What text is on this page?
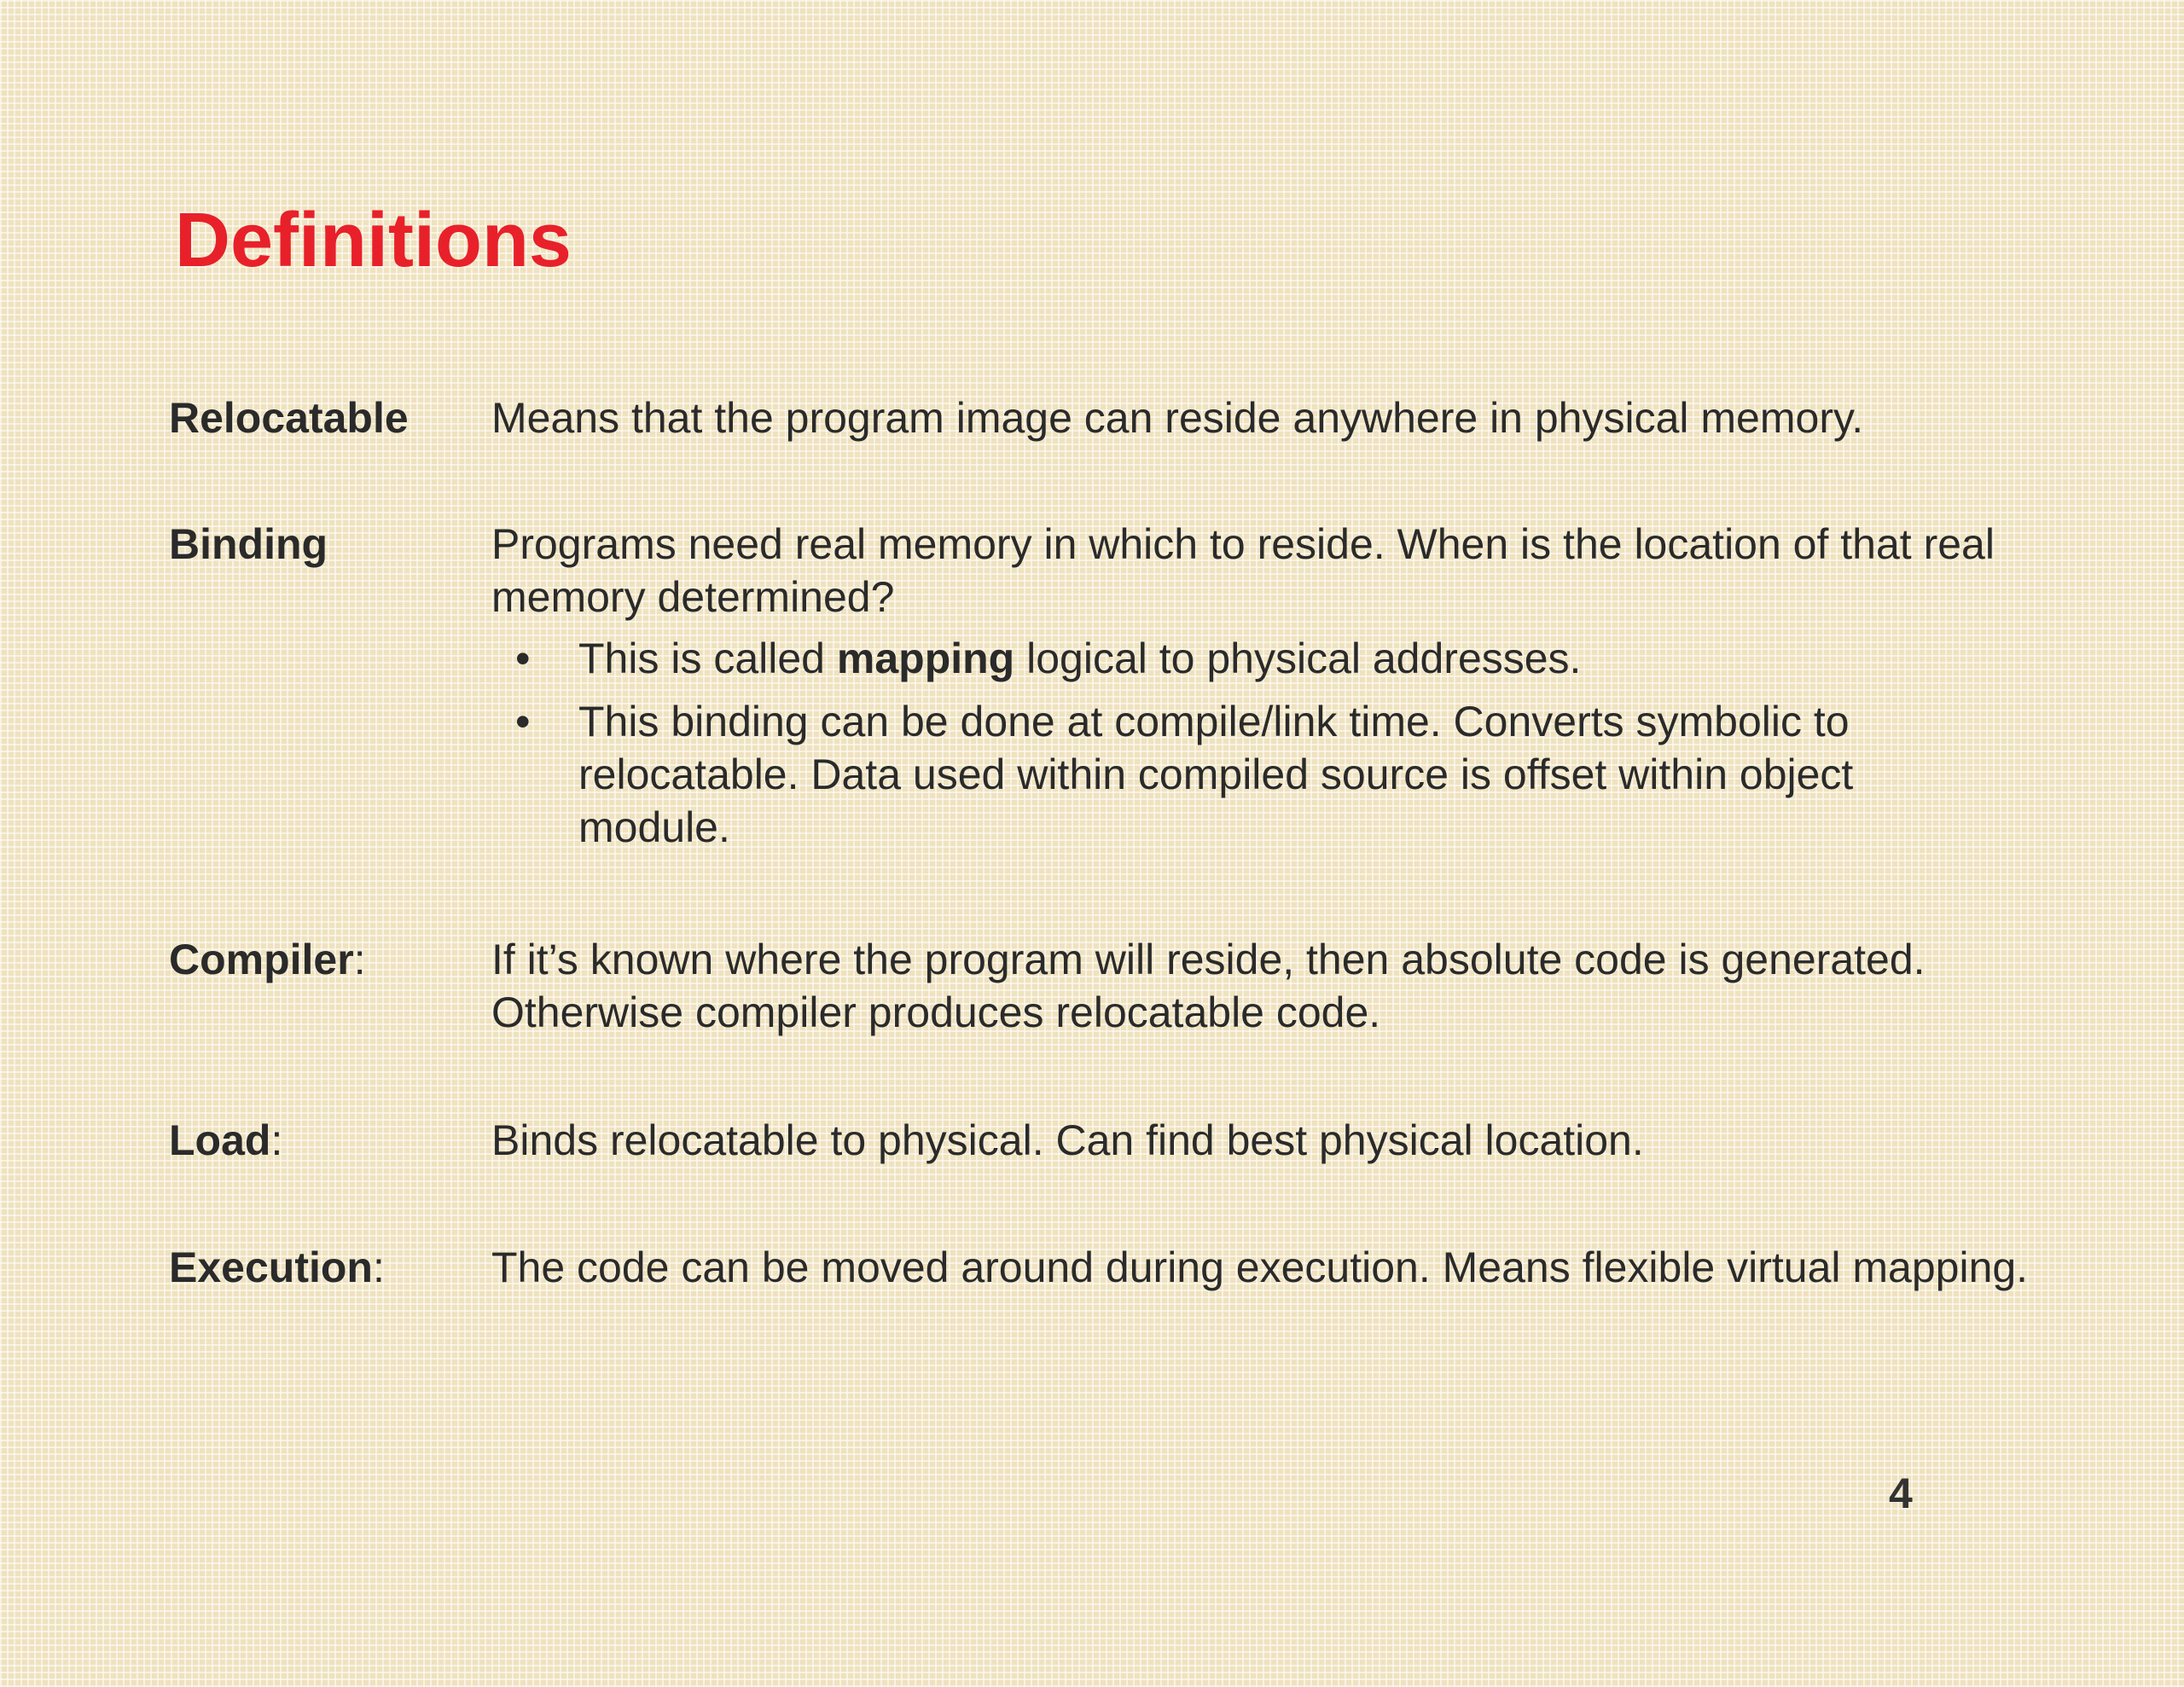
Definitions
Relocatable Means that the program image can reside anywhere in physical memory.
Binding	Programs need real memory in which to reside. When is the location of that real memory determined?
• This is called mapping logical to physical addresses.
• This binding can be done at compile/link time. Converts symbolic to relocatable. Data used within compiled source is offset within object module.
Compiler:	If it’s known where the program will reside, then absolute code is generated. Otherwise compiler produces relocatable code.
Load:	Binds relocatable to physical. Can find best physical location.
Execution:	The code can be moved around during execution. Means flexible virtual mapping.
4
